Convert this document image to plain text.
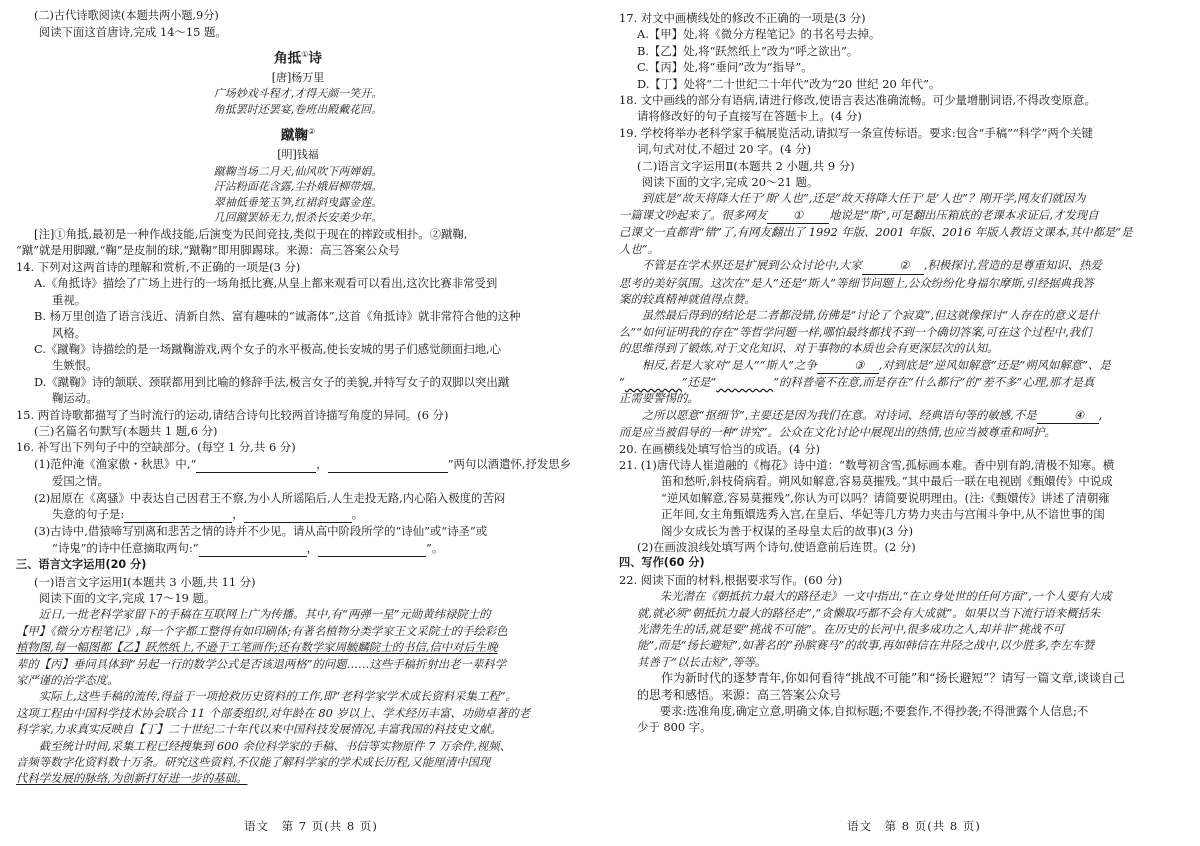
(二)古代诗歌阅读(本题共两小题,9分)

阅读下面这首唐诗,完成 14～15 题。

角抵①诗

[唐]杨万里

广场妙戏斗程才,才得天颜一笑开。

角抵罢时还罢宴,卷班出殿戴花回。

蹴鞠②

[明]钱福

蹴鞠当场二月天,仙风吹下两婵娟。

汗沾粉面花含露,尘扑娥眉柳带烟。

翠袖低垂笼玉笋,红裙斜曳露金莲。

几回蹴罢娇无力,恨杀长安美少年。

[注]①角抵,最初是一种作战技能,后演变为民间竞技,类似于现在的摔跤或相扑。②蹴鞠,

“蹴”就是用脚蹴,“鞠”是皮制的球,“蹴鞠”即用脚踢球。来源：高三答案公众号

14. 下列对这两首诗的理解和赏析,不正确的一项是(3 分)

A.《角抵诗》描绘了广场上进行的一场角抵比赛,从皇上都来观看可以看出,这次比赛非常受到

重视。

B. 杨万里创造了语言浅近、清新自然、富有趣味的“诚斋体”,这首《角抵诗》就非常符合他的这种

风格。

C.《蹴鞠》诗描绘的是一场蹴鞠游戏,两个女子的水平极高,使长安城的男子们感觉颜面扫地,心

生嫉恨。

D.《蹴鞠》诗的颔联、颈联都用到比喻的修辞手法,极言女子的美貌,并特写女子的双脚以突出蹴

鞠运动。

15. 两首诗歌都描写了当时流行的运动,请结合诗句比较两首诗描写角度的异同。(6 分)

(三)名篇名句默写(本题共 1 题,6 分)

16. 补写出下列句子中的空缺部分。(每空 1 分,共 6 分)

(1)范仲淹《渔家傲・秋思》中,“	，	”两句以酒遣怀,抒发思乡

爱国之情。

(2)屈原在《离骚》中表达自己因君王不察,为小人所谣陷后,人生走投无路,内心陷入极度的苦闷

失意的句子是:	，	。

(3)古诗中,借猿啼写别离和悲苦之情的诗并不少见。请从高中阶段所学的“诗仙”或“诗圣”或

“诗鬼”的诗中任意摘取两句:“	，	”。

三、语言文字运用(20 分)

(一)语言文字运用Ⅰ(本题共 3 小题,共 11 分)

阅读下面的文字,完成 17～19 题。

近日,一批老科学家留下的手稿在互联网上广为传播。其中,有“两弹一星”元勋黄纬禄院士的

【甲】《微分方程笔记》,每一个字都工整得有如印刷体;有著名植物分类学家王文采院士的手绘彩色

植物图,每一幅图都【乙】跃然纸上,不逊于工笔画作;还有数学家周毓麟院士的书信,信中对后生晚

辈的【丙】垂问具体到“另起一行的数学公式是否该退两格”的问题……这些手稿折射出老一辈科学

家严谨的治学态度。

实际上,这些手稿的流传,得益于一项抢救历史资料的工作,即“老科学家学术成长资料采集工程”。

这项工程由中国科学技术协会联合 11 个部委组织,对年龄在 80 岁以上、学术经历丰富、功勋卓著的老

科学家,力求真实反映自【丁】二十世纪二十年代以来中国科技发展情况,丰富我国的科技史文献。

截至统计时间,采集工程已经搜集到 600 余位科学家的手稿、书信等实物原件 7 万余件,视频、

音频等数字化资料数十万条。研究这些资料,不仅能了解科学家的学术成长历程,又能厘清中国现

代科学发展的脉络,为创新打好进一步的基础。

语文　第 7 页(共 8 页)

17. 对文中画横线处的修改不正确的一项是(3 分)

A.【甲】处,将《微分方程笔记》的书名号去掉。

B.【乙】处,将“跃然纸上”改为“呼之欲出”。

C.【丙】处,将“垂问”改为“指导”。

D.【丁】处将“二十世纪二十年代”改为“20 世纪 20 年代”。

18. 文中画线的部分有语病,请进行修改,使语言表达准确流畅。可少量增删词语,不得改变原意。

请将修改好的句子直接写在答题卡上。(4 分)

19. 学校将举办老科学家手稿展览活动,请拟写一条宣传标语。要求:包含“手稿”“科学”两个关键

词,句式对仗,不超过 20 字。(4 分)

(二)语言文字运用Ⅱ(本题共 2 小题,共 9 分)

阅读下面的文字,完成 20～21 题。

到底是“故天将降大任于‘斯’人也”,还是“故天将降大任于‘是’人也”？刚开学,网友们就因为

一篇课文吵起来了。很多网友 ① 地说是“斯”,可是翻出压箱底的老课本求证后,才发现自

己课文一直都背“错”了,有网友翻出了 1992 年版、2001 年版、2016 年版人教语文课本,其中都是“是

人也”。

不管是在学术界还是扩展到公众讨论中,大家	② ,积极探讨,营造的是尊重知识、热爱

思考的美好氛围。这次在“是人”还是“斯人”等细节问题上,公众纷纷化身福尔摩斯,引经据典我答

案的较真精神就值得点赞。

虽然最后得到的结论是二者都没错,仿佛是“讨论了个寂寞”,但这就像探讨“人存在的意义是什

么”“如何证明我的存在”等哲学问题一样,哪怕最终都找不到一个确切答案,可在这个过程中,我们

的思维得到了锻炼,对于文化知识、对于事物的本质也会有更深层次的认知。

相反,若是大家对“是人”“斯人”之争	③ ,对到底是“逆风如解意”还是“朔风如解意”、是

“　　　　　	”还是“　　　　　	”的科普毫不在意,而是存在“什么都行”的“差不多”心理,那才是真

正需要警惕的。

之所以愿意“抠细节”,主要还是因为我们在意。对诗词、经典语句等的敏感,不是	④ ,

而是应当被倡导的一种“讲究”。公众在文化讨论中展现出的热情,也应当被尊重和呵护。

20. 在画横线处填写恰当的成语。(4 分)

21. (1)唐代诗人崔道融的《梅花》诗中道：“数萼初含雪,孤标画本难。香中别有韵,清极不知寒。横

笛和愁听,斜枝倚病看。朔风如解意,容易莫摧残。”其中最后一联在电视剧《甄嬛传》中说成

“逆风如解意,容易莫摧残”,你认为可以吗？请简要说明理由。(注:《甄嬛传》讲述了清朝雍

正年间,女主角甄嬛选秀入宫,在皇后、华妃等几方势力夹击与宫闱斗争中,从不谙世事的闺

阁少女成长为善于权谋的圣母皇太后的故事)(3 分)

(2)在画波浪线处填写两个诗句,使语意前后连贯。(2 分)

四、写作(60 分)

22. 阅读下面的材料,根据要求写作。(60 分)

朱光潜在《朝抵抗力最大的路径走》一文中指出,“在立身处世的任何方面”,一个人要有大成

就,就必须“朝抵抗力最大的路径走”,“贪懒取巧都不会有大成就”。如果以当下流行语来概括朱

光潜先生的话,就是要“挑战不可能”。在历史的长河中,很多成功之人,却并非“挑战不可

能”,而是“扬长避短”,如著名的“孙膑赛马”的故事,再如韩信在井陉之战中,以少胜多,李左车赞

其善于“以长击短”,等等。

作为新时代的逐梦青年,你如何看待“挑战不可能”和“扬长避短”？请写一篇文章,谈谈自己

的思考和感悟。来源：高三答案公众号

要求:选准角度,确定立意,明确文体,自拟标题;不要套作,不得抄袭;不得泄露个人信息;不

少于 800 字。

语文　第 8 页(共 8 页)
